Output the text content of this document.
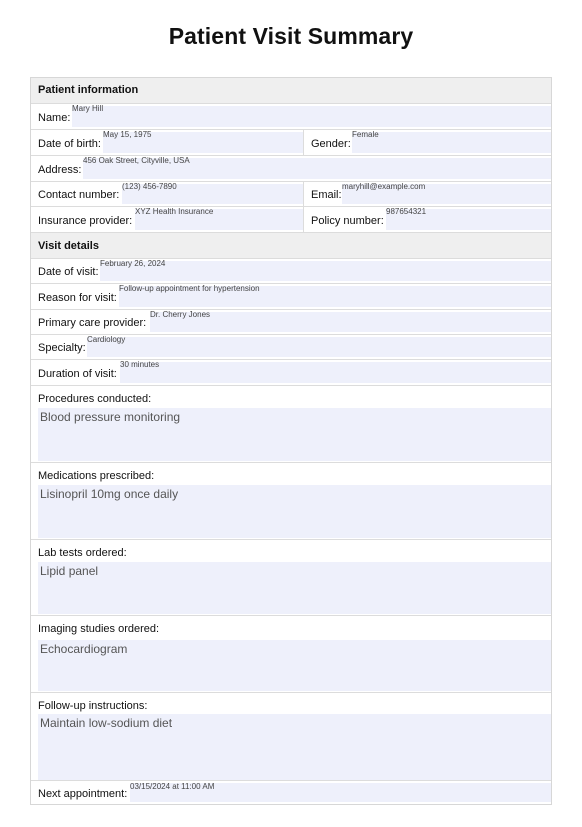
Patient Visit Summary
Patient information
Name:
Mary Hill
Date of birth:
May 15, 1975
Gender:
Female
Address:
456 Oak Street, Cityville, USA
Contact number:
(123) 456-7890
Email:
maryhill@example.com
Insurance provider:
XYZ Health Insurance
Policy number:
987654321
Visit details
Date of visit:
February 26, 2024
Reason for visit:
Follow-up appointment for hypertension
Primary care provider:
Dr. Cherry Jones
Specialty:
Cardiology
Duration of visit:
30 minutes
Procedures conducted:
Blood pressure monitoring
Medications prescribed:
Lisinopril 10mg once daily
Lab tests ordered:
Lipid panel
Imaging studies ordered:
Echocardiogram
Follow-up instructions:
Maintain low-sodium diet
Next appointment:
03/15/2024 at 11:00 AM
